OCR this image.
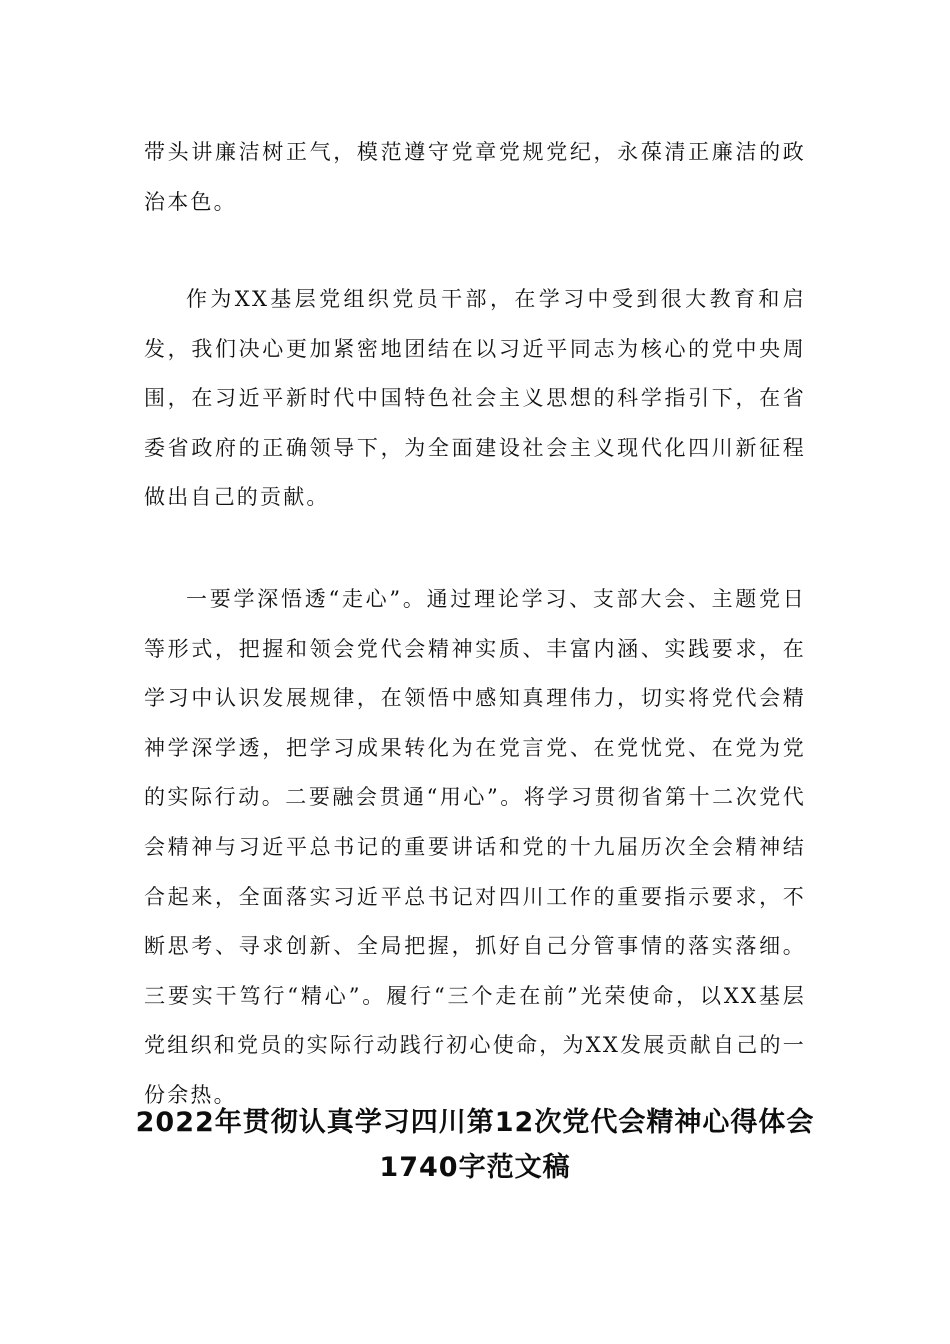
带头讲廉洁树正气，模范遵守党章党规党纪，永葆清正廉洁的政治本色。

作为XX基层党组织党员干部，在学习中受到很大教育和启发，我们决心更加紧密地团结在以习近平同志为核心的党中央周围，在习近平新时代中国特色社会主义思想的科学指引下，在省委省政府的正确领导下，为全面建设社会主义现代化四川新征程做出自己的贡献。

一要学深悟透“走心”。通过理论学习、支部大会、主题党日等形式，把握和领会党代会精神实质、丰富内涵、实践要求，在学习中认识发展规律，在领悟中感知真理伟力，切实将党代会精神学深学透，把学习成果转化为在党言党、在党忧党、在党为党的实际行动。二要融会贯通“用心”。将学习贯彻省第十二次党代会精神与习近平总书记的重要讲话和党的十九届历次全会精神结合起来，全面落实习近平总书记对四川工作的重要指示要求，不断思考、寻求创新、全局把握，抓好自己分管事情的落实落细。三要实干笃行“精心”。履行“三个走在前”光荣使命，以XX基层党组织和党员的实际行动践行初心使命，为XX发展贡献自己的一份余热。

2022年贯彻认真学习四川第12次党代会精神心得体会1740字范文稿
